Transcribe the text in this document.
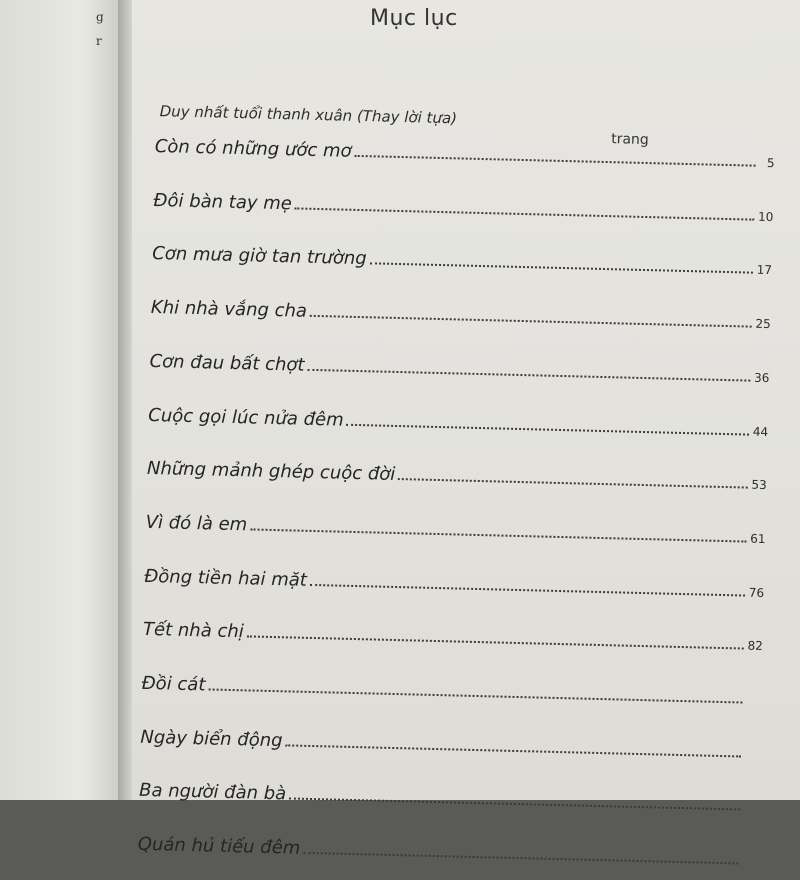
g
r
Mục lục
Duy nhất tuổi thanh xuân (Thay lời tựa)
trang
Còn có những ước mơ
5
Đôi bàn tay mẹ
10
Cơn mưa giờ tan trường
17
Khi nhà vắng cha
25
Cơn đau bất chợt
36
Cuộc gọi lúc nửa đêm
44
Những mảnh ghép cuộc đời	53
Vì đó là em
61
Đồng tiền hai mặt
76
Tết nhà chị
82
Đồi cát
Ngày biển động
Ba người đàn bà
Quán hủ tiếu đêm
